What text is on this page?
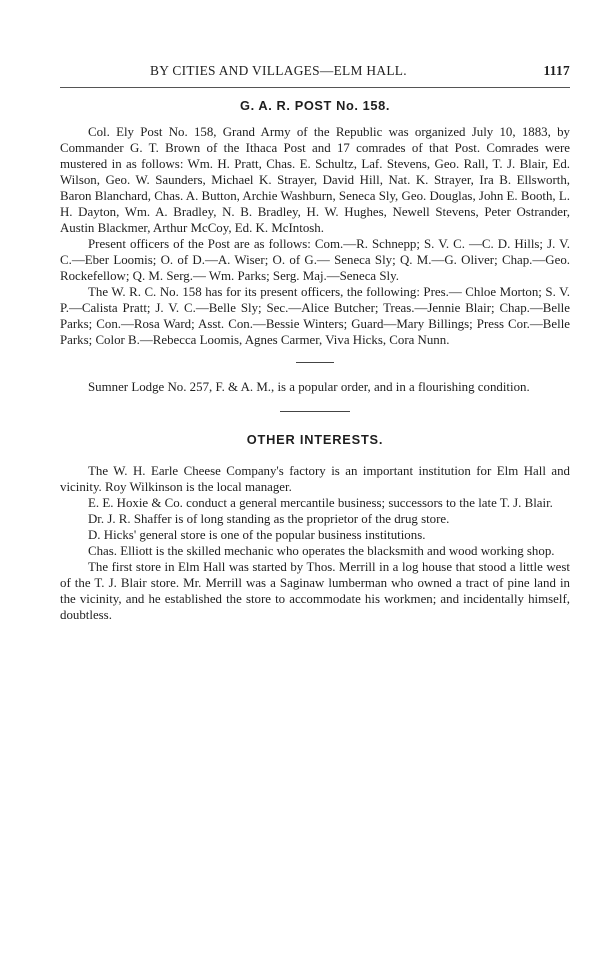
BY CITIES AND VILLAGES—ELM HALL.	1117
G. A. R. POST No. 158.

Col. Ely Post No. 158, Grand Army of the Republic was organized July 10, 1883, by Commander G. T. Brown of the Ithaca Post and 17 comrades of that Post. Comrades were mustered in as follows: Wm. H. Pratt, Chas. E. Schultz, Laf. Stevens, Geo. Rall, T. J. Blair, Ed. Wilson, Geo. W. Saunders, Michael K. Strayer, David Hill, Nat. K. Strayer, Ira B. Ellsworth, Baron Blanchard, Chas. A. Button, Archie Washburn, Seneca Sly, Geo. Douglas, John E. Booth, L. H. Dayton, Wm. A. Bradley, N. B. Bradley, H. W. Hughes, Newell Stevens, Peter Ostrander, Austin Blackmer, Arthur McCoy, Ed. K. McIntosh.

Present officers of the Post are as follows: Com.—R. Schnepp; S. V. C. —C. D. Hills; J. V. C.—Eber Loomis; O. of D.—A. Wiser; O. of G.— Seneca Sly; Q. M.—G. Oliver; Chap.—Geo. Rockefellow; Q. M. Serg.— Wm. Parks; Serg. Maj.—Seneca Sly.

The W. R. C. No. 158 has for its present officers, the following: Pres.— Chloe Morton; S. V. P.—Calista Pratt; J. V. C.—Belle Sly; Sec.—Alice Butcher; Treas.—Jennie Blair; Chap.—Belle Parks; Con.—Rosa Ward; Asst. Con.—Bessie Winters; Guard—Mary Billings; Press Cor.—Belle Parks; Color B.—Rebecca Loomis, Agnes Carmer, Viva Hicks, Cora Nunn.

Sumner Lodge No. 257, F. & A. M., is a popular order, and in a flourishing condition.

OTHER INTERESTS.

The W. H. Earle Cheese Company's factory is an important institution for Elm Hall and vicinity. Roy Wilkinson is the local manager.

E. E. Hoxie & Co. conduct a general mercantile business; successors to the late T. J. Blair.

Dr. J. R. Shaffer is of long standing as the proprietor of the drug store.

D. Hicks' general store is one of the popular business institutions.

Chas. Elliott is the skilled mechanic who operates the blacksmith and wood working shop.

The first store in Elm Hall was started by Thos. Merrill in a log house that stood a little west of the T. J. Blair store. Mr. Merrill was a Saginaw lumberman who owned a tract of pine land in the vicinity, and he established the store to accommodate his workmen; and incidentally himself, doubtless.
